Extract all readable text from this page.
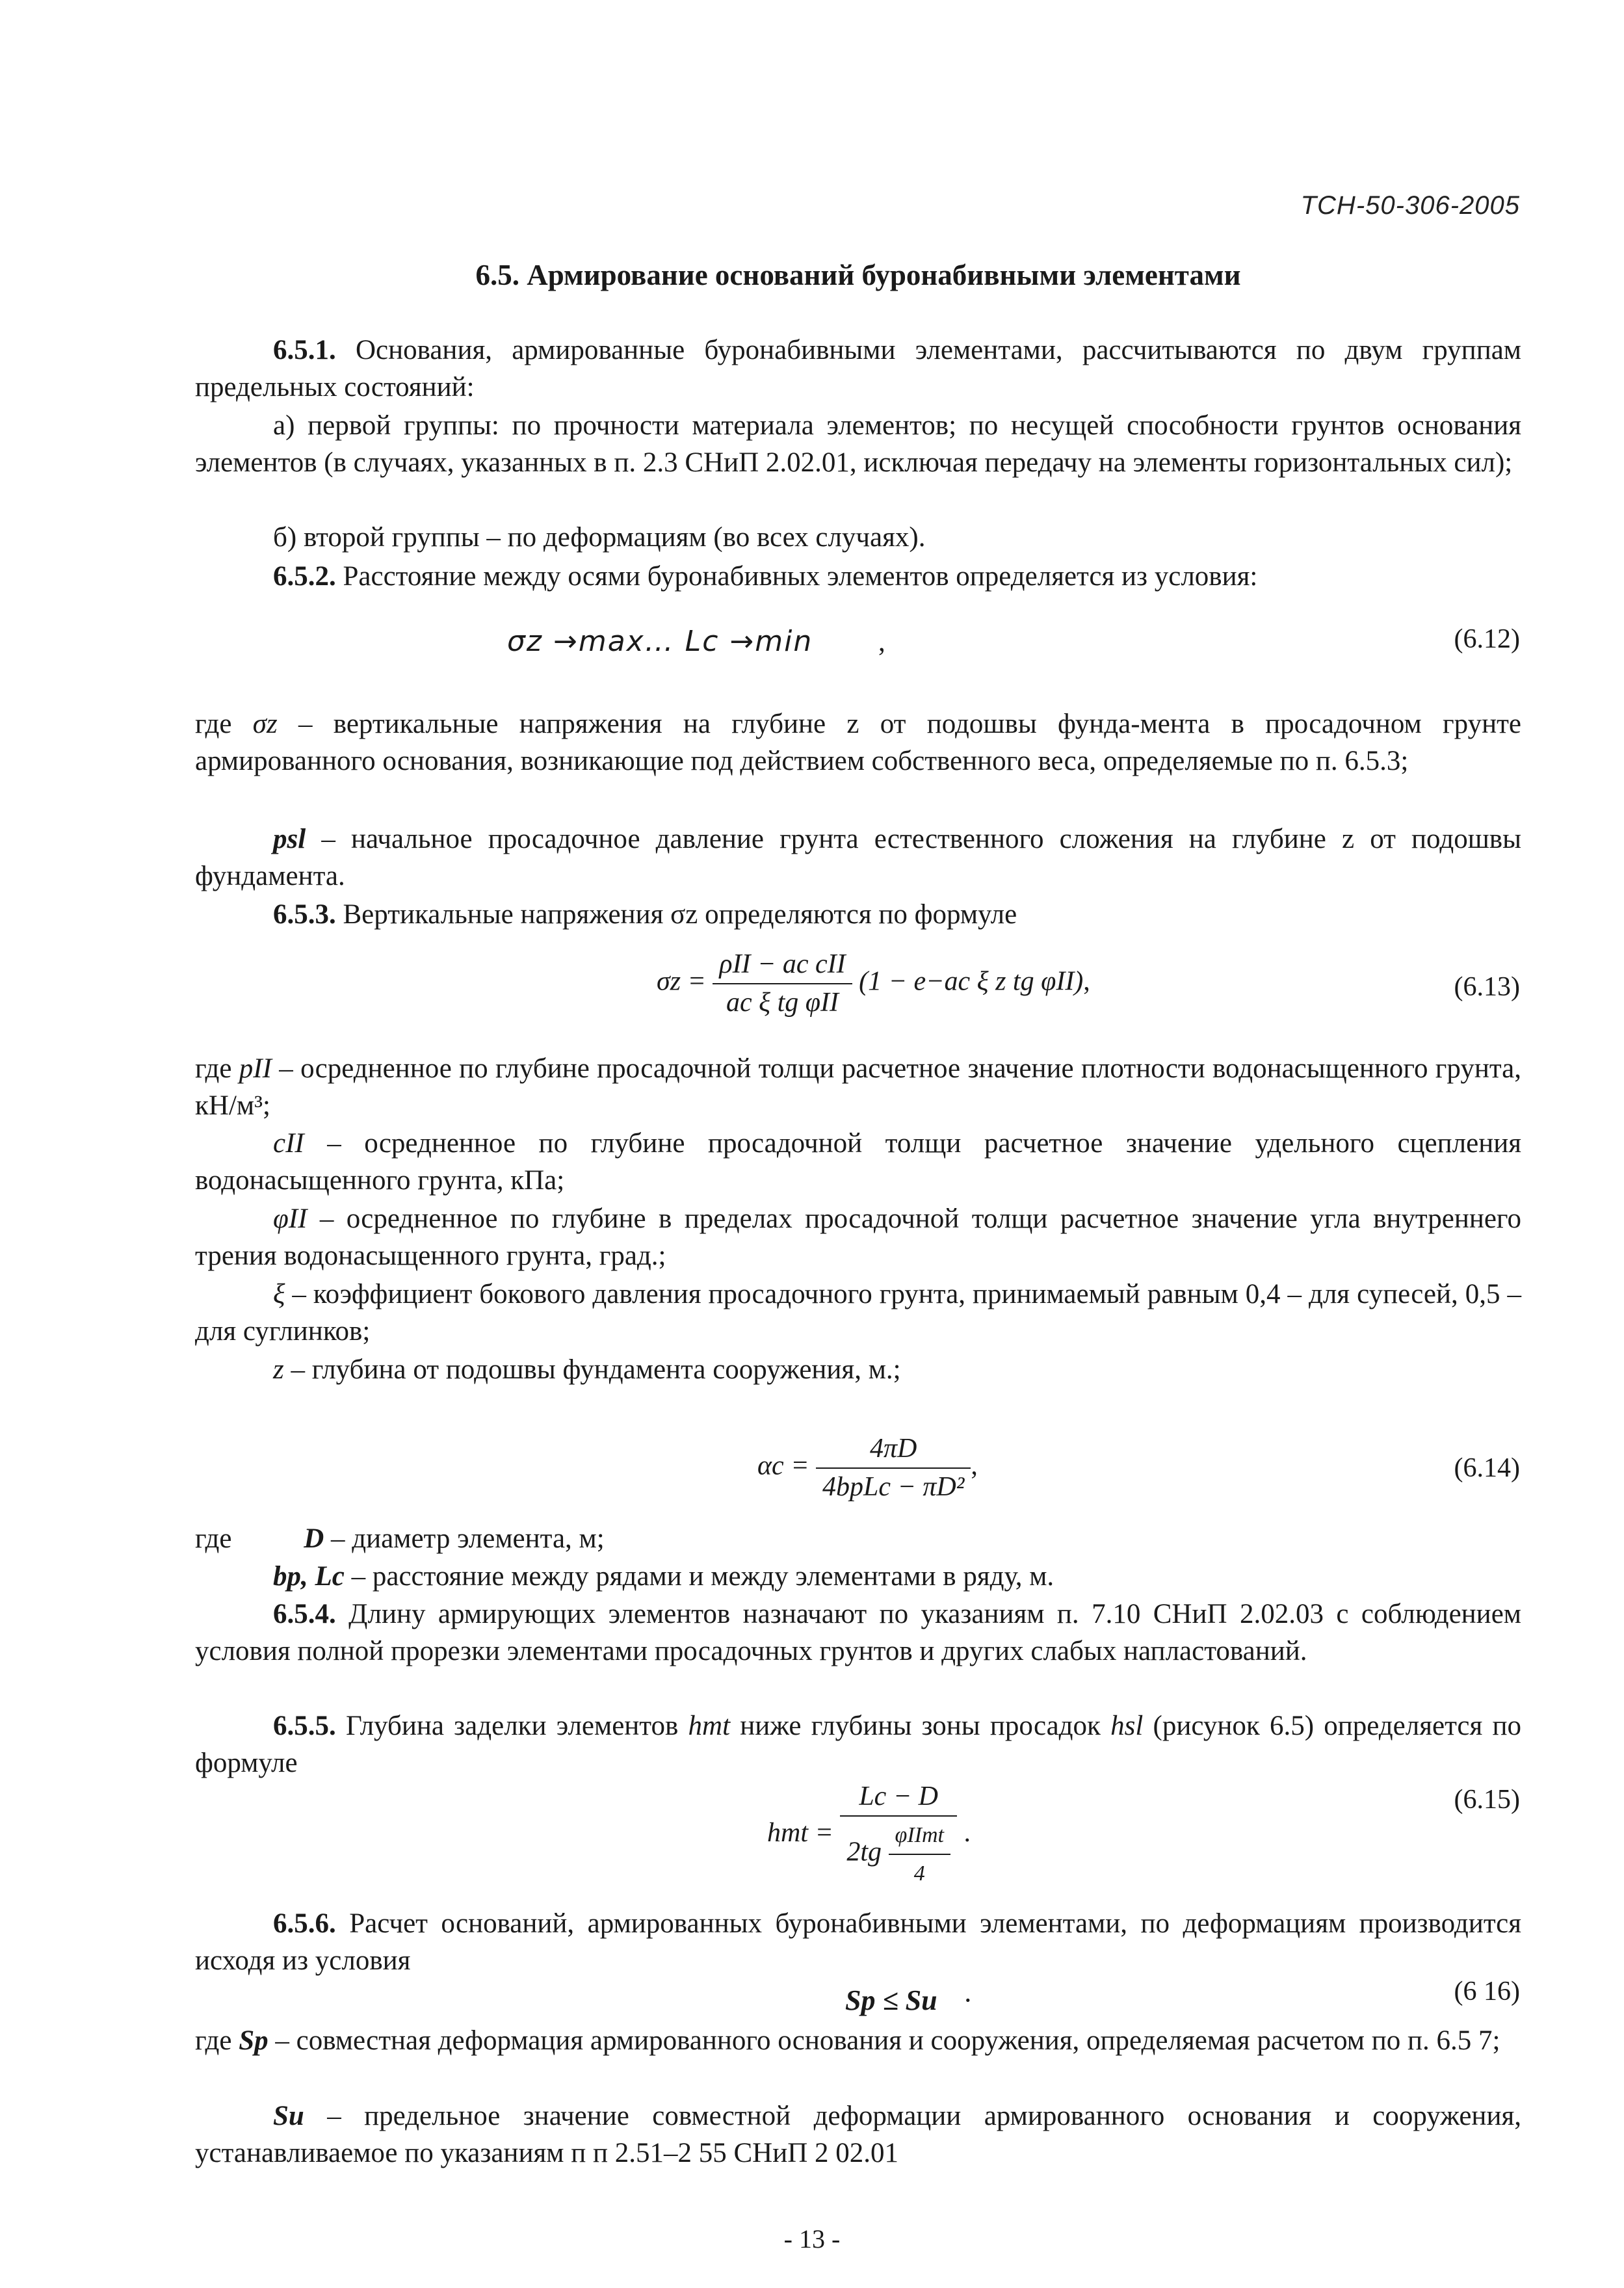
ТСН-50-306-2005

6.5. Армирование оснований буронабивными элементами

6.5.1. Основания, армированные буронабивными элементами, рассчитываются по двум группам предельных состояний:

а) первой группы: по прочности материала элементов; по несущей способности грунтов основания элементов (в случаях, указанных в п. 2.3 СНиП 2.02.01, исключая передачу на элементы горизонтальных сил);

б) второй группы – по деформациям (во всех случаях).

6.5.2. Расстояние между осями буронабивных элементов определяется из условия:

σz →max… Lc →min ,	(6.12)

где σz – вертикальные напряжения на глубине z от подошвы фунда-мента в просадочном грунте армированного основания, возникающие под действием собственного веса, определяемые по п. 6.5.3;

psl – начальное просадочное давление грунта естественного сложения на глубине z от подошвы фундамента.

6.5.3. Вертикальные напряжения σz определяются по формуле

$\sigma z = \frac{\text{ρII − ac cII}}{\text{ac ξ tg φII}} (1 - e-ac$ ξ z tg φII),	(6.13)

где pII – осредненное по глубине просадочной толщи расчетное значение плотности водонасыщенного грунта, кН/м³;

cII – осредненное по глубине просадочной толщи расчетное значение удельного сцепления водонасыщенного грунта, кПа;

φII – осредненное по глубине в пределах просадочной толщи расчетное значение угла внутреннего трения водонасыщенного грунта, град.;

ξ – коэффициент бокового давления просадочного грунта, принимаемый равным 0,4 – для супесей, 0,5 – для суглинков;

z – глубина от подошвы фундамента сооружения, м.;

$\alpha c = \frac{4\pi D}{\text{4bpLc − πD²}}$ ,	(6.14)

где D – диаметр элемента, м;

bp, Lc – расстояние между рядами и между элементами в ряду, м.

6.5.4. Длину армирующих элементов назначают по указаниям п. 7.10 СНиП 2.02.03 с соблюдением условия полной прорезки элементами просадочных грунтов и других слабых напластований.

6.5.5. Глубина заделки элементов hmt ниже глубины зоны просадок hsl (рисунок 6.5) определяется по формуле

hmt = $\frac{Lc - D}{2tg \frac{\text{φIImt}}{4}}$ .
(6.15)

6.5.6. Расчет оснований, армированных буронабивными элементами, по деформациям производится исходя из условия

Sp ≤ Su ·	(6 16)

где Sp – совместная деформация армированного основания и сооружения, определяемая расчетом по п. 6.5 7;

Su – предельное значение совместной деформации армированного основания и сооружения, устанавливаемое по указаниям п п 2.51–2 55 СНиП 2 02.01

- 13 -
